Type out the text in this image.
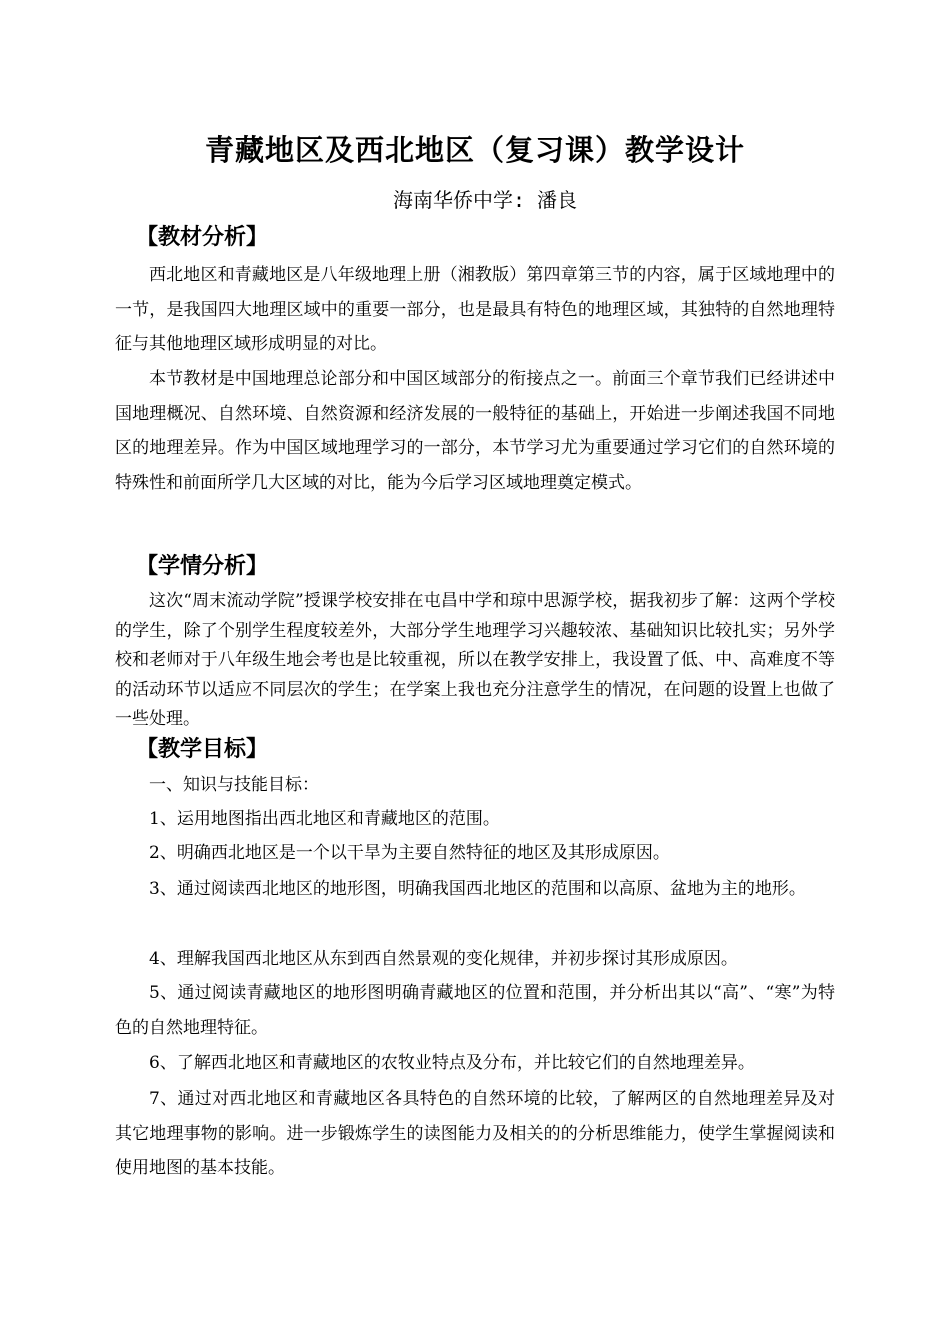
青藏地区及西北地区（复习课）教学设计
海南华侨中学: 潘良
【教材分析】

西北地区和青藏地区是八年级地理上册（湘教版）第四章第三节的内容，属于区域地理中的一节，是我国四大地理区域中的重要一部分，也是最具有特色的地理区域，其独特的自然地理特征与其他地理区域形成明显的对比。

本节教材是中国地理总论部分和中国区域部分的衔接点之一。前面三个章节我们已经讲述中国地理概况、自然环境、自然资源和经济发展的一般特征的基础上，开始进一步阐述我国不同地区的地理差异。作为中国区域地理学习的一部分，本节学习尤为重要通过学习它们的自然环境的特殊性和前面所学几大区域的对比，能为今后学习区域地理奠定模式。

【学情分析】

这次“周末流动学院”授课学校安排在屯昌中学和琼中思源学校，据我初步了解：这两个学校的学生，除了个别学生程度较差外，大部分学生地理学习兴趣较浓、基础知识比较扎实；另外学校和老师对于八年级生地会考也是比较重视，所以在教学安排上，我设置了低、中、高难度不等的活动环节以适应不同层次的学生；在学案上我也充分注意学生的情况，在问题的设置上也做了一些处理。

【教学目标】

一、知识与技能目标：

1、运用地图指出西北地区和青藏地区的范围。

2、明确西北地区是一个以干旱为主要自然特征的地区及其形成原因。

3、通过阅读西北地区的地形图，明确我国西北地区的范围和以高原、盆地为主的地形。

4、理解我国西北地区从东到西自然景观的变化规律，并初步探讨其形成原因。

5、通过阅读青藏地区的地形图明确青藏地区的位置和范围，并分析出其以“高”、“寒”为特色的自然地理特征。

6、了解西北地区和青藏地区的农牧业特点及分布，并比较它们的自然地理差异。

7、通过对西北地区和青藏地区各具特色的自然环境的比较，了解两区的自然地理差异及对其它地理事物的影响。进一步锻炼学生的读图能力及相关的的分析思维能力，使学生掌握阅读和使用地图的基本技能。
